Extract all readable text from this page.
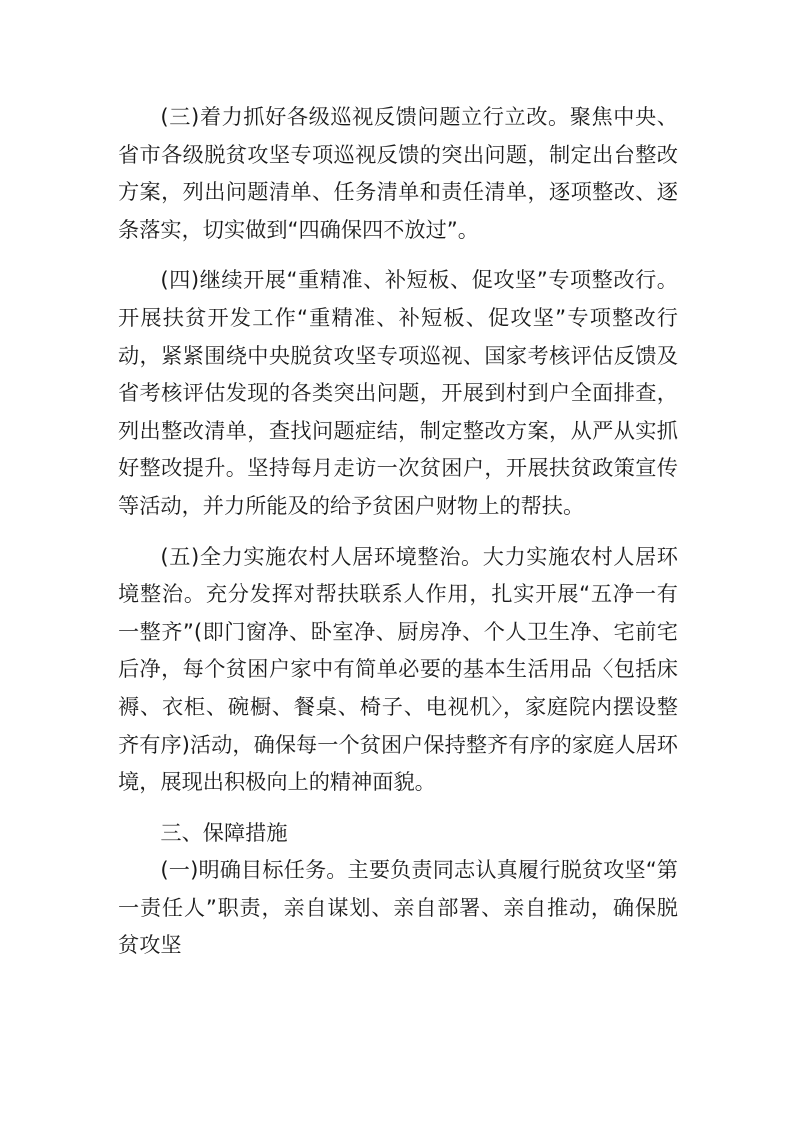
(三)着力抓好各级巡视反馈问题立行立改。聚焦中央、省市各级脱贫攻坚专项巡视反馈的突出问题，制定出台整改方案，列出问题清单、任务清单和责任清单，逐项整改、逐条落实，切实做到“四确保四不放过”。

(四)继续开展“重精准、补短板、促攻坚”专项整改行。开展扶贫开发工作“重精准、补短板、促攻坚”专项整改行动，紧紧围绕中央脱贫攻坚专项巡视、国家考核评估反馈及省考核评估发现的各类突出问题，开展到村到户全面排查，列出整改清单，查找问题症结，制定整改方案，从严从实抓好整改提升。坚持每月走访一次贫困户，开展扶贫政策宣传等活动，并力所能及的给予贫困户财物上的帮扶。

(五)全力实施农村人居环境整治。大力实施农村人居环境整治。充分发挥对帮扶联系人作用，扎实开展“五净一有一整齐”(即门窗净、卧室净、厨房净、个人卫生净、宅前宅后净，每个贫困户家中有简单必要的基本生活用品〈包括床褥、衣柜、碗橱、餐桌、椅子、电视机〉，家庭院内摆设整齐有序)活动，确保每一个贫困户保持整齐有序的家庭人居环境，展现出积极向上的精神面貌。

三、保障措施

(一)明确目标任务。主要负责同志认真履行脱贫攻坚“第一责任人”职责，亲自谋划、亲自部署、亲自推动，确保脱贫攻坚
